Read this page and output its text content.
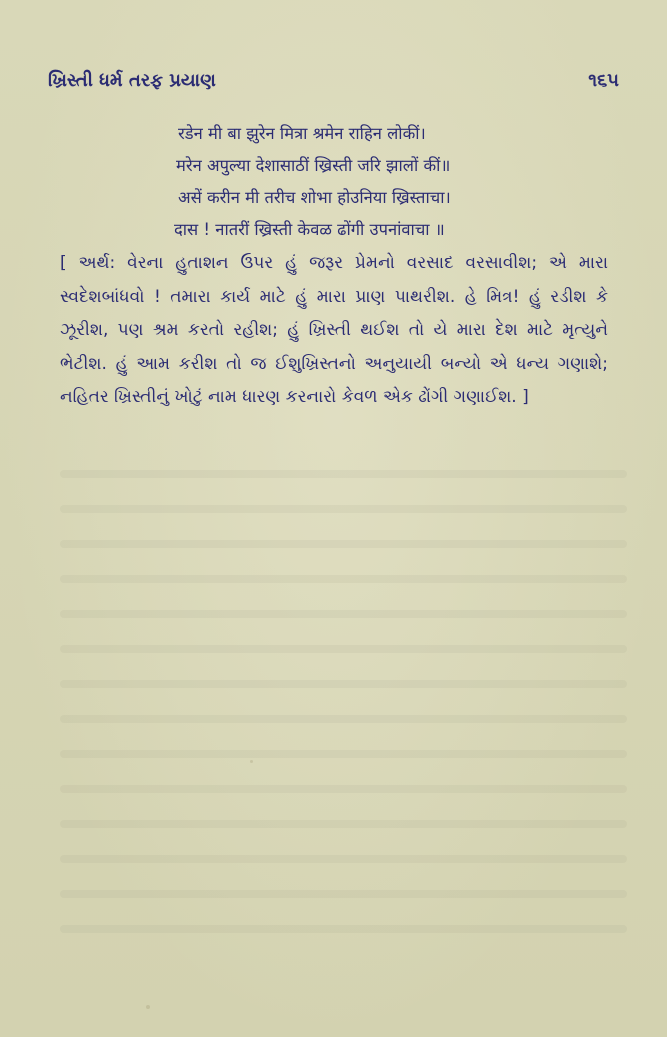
ખ્રિસ્તી ધર્મ તરફ પ્રયાણ	૧૬૫
रडेन मी बा झुरेन मित्रा श्रमेन राहिन लोकीं।
मरेन अपुल्या देशासाठीं ख्रिस्ती जरि झालों कीं॥
असें करीन मी तरीच शोभा होउनिया ख्रिस्ताचा।
दास ! नातरीं ख्रिस्ती केवळ ढोंगी उपनांवाचा ॥
[ અર્થ: વેરના હુતાશન ઉપર હું જરૂર પ્રેમનો વરસાદ વરસાવીશ; એ મારા સ્વદેશબાંધવો ! તમારા કાર્ય માટે હું મારા પ્રાણ પાથરીશ. હે મિત્ર! હું રડીશ કે ઝૂરીશ, પણ શ્રમ કરતો રહીશ; હું ખ્રિસ્તી થઈશ તો યે મારા દેશ માટે મૃત્યુને ભેટીશ. હું આમ કરીશ તો જ ઈશુખ્રિસ્તનો અનુયાયી બન્યો એ ધન્ય ગણાશે; નહિતર ખ્રિસ્તીનું ખોટું નામ ધારણ કરનારો કેવળ એક ઢોંગી ગણાઈશ. ]
